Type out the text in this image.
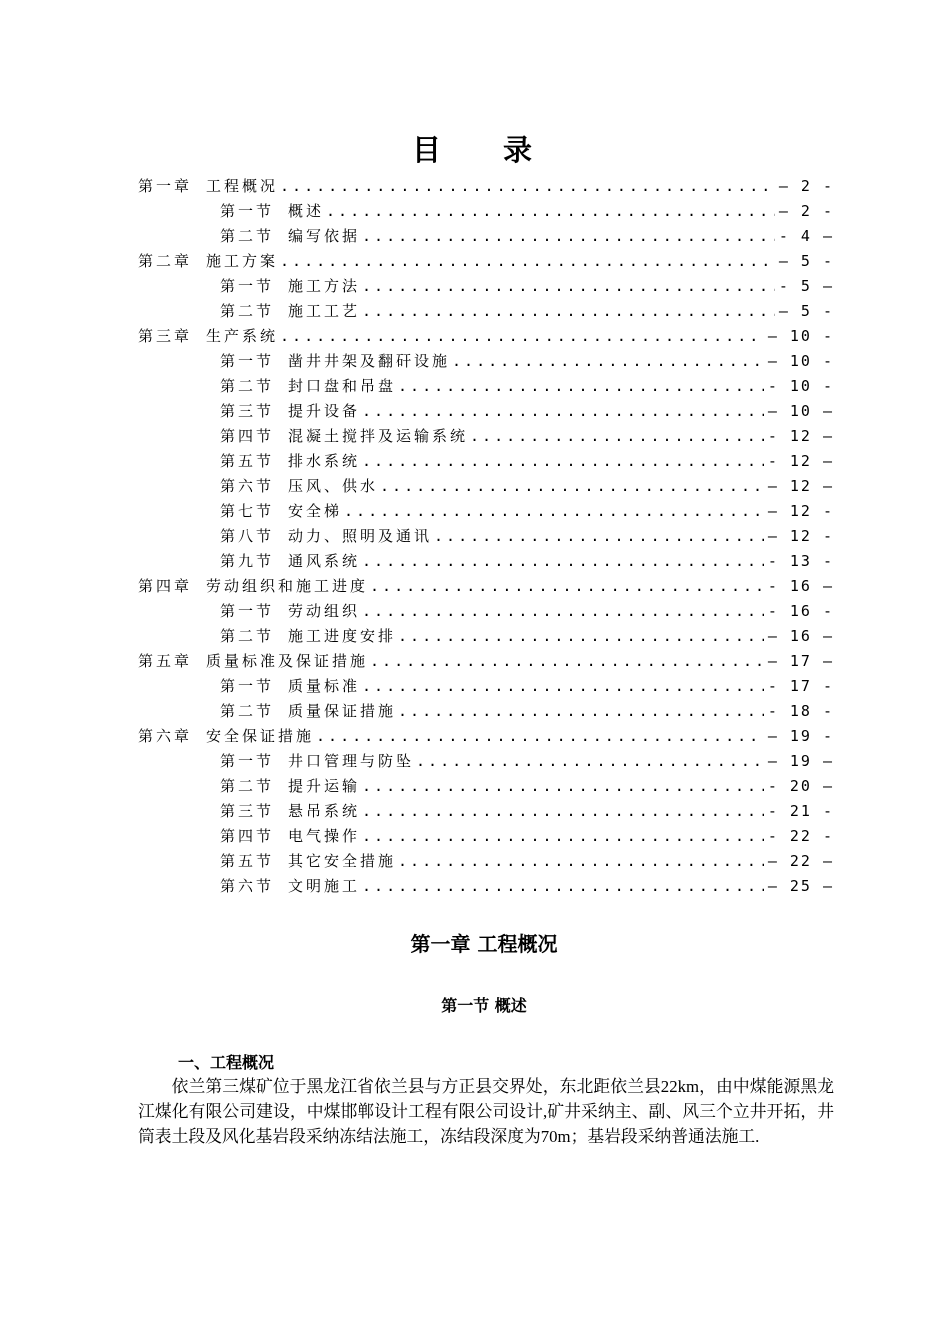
目 录
第一章 工程概况 .....	— 2 -
第一节 概述 .....	— 2 -
第二节 编写依据 .....	- 4 —
第二章 施工方案 .....	— 5 -
第一节 施工方法 .....	- 5 —
第二节 施工工艺 .....	— 5 -
第三章 生产系统 .....	— 10 -
第一节 凿井井架及翻矸设施 .....	— 10 -
第二节 封口盘和吊盘 .....	- 10 -
第三节 提升设备 .....	— 10 —
第四节 混凝土搅拌及运输系统 .....	- 12 —
第五节 排水系统 .....	- 12 —
第六节 压风、供水 .....	— 12 —
第七节 安全梯 .....	— 12 -
第八节 动力、照明及通讯 .....	— 12 -
第九节 通风系统 .....	- 13 -
第四章 劳动组织和施工进度 .....	- 16 —
第一节 劳动组织 .....	- 16 -
第二节 施工进度安排 .....	— 16 —
第五章 质量标准及保证措施 .....	— 17 —
第一节 质量标准 .....	- 17 -
第二节 质量保证措施 .....	- 18 -
第六章 安全保证措施 .....	— 19 -
第一节 井口管理与防坠 .....	— 19 —
第二节 提升运输 .....	- 20 —
第三节 悬吊系统 .....	- 21 -
第四节 电气操作 .....	- 22 -
第五节 其它安全措施 .....	— 22 —
第六节 文明施工 .....	— 25 —
第一章 工程概况
第一节 概述
一、工程概况

依兰第三煤矿位于黑龙江省依兰县与方正县交界处，东北距依兰县22km，由中煤能源黑龙江煤化有限公司建设，中煤邯郸设计工程有限公司设计,矿井采纳主、副、风三个立井开拓，井筒表土段及风化基岩段采纳冻结法施工，冻结段深度为70m；基岩段采纳普通法施工.
